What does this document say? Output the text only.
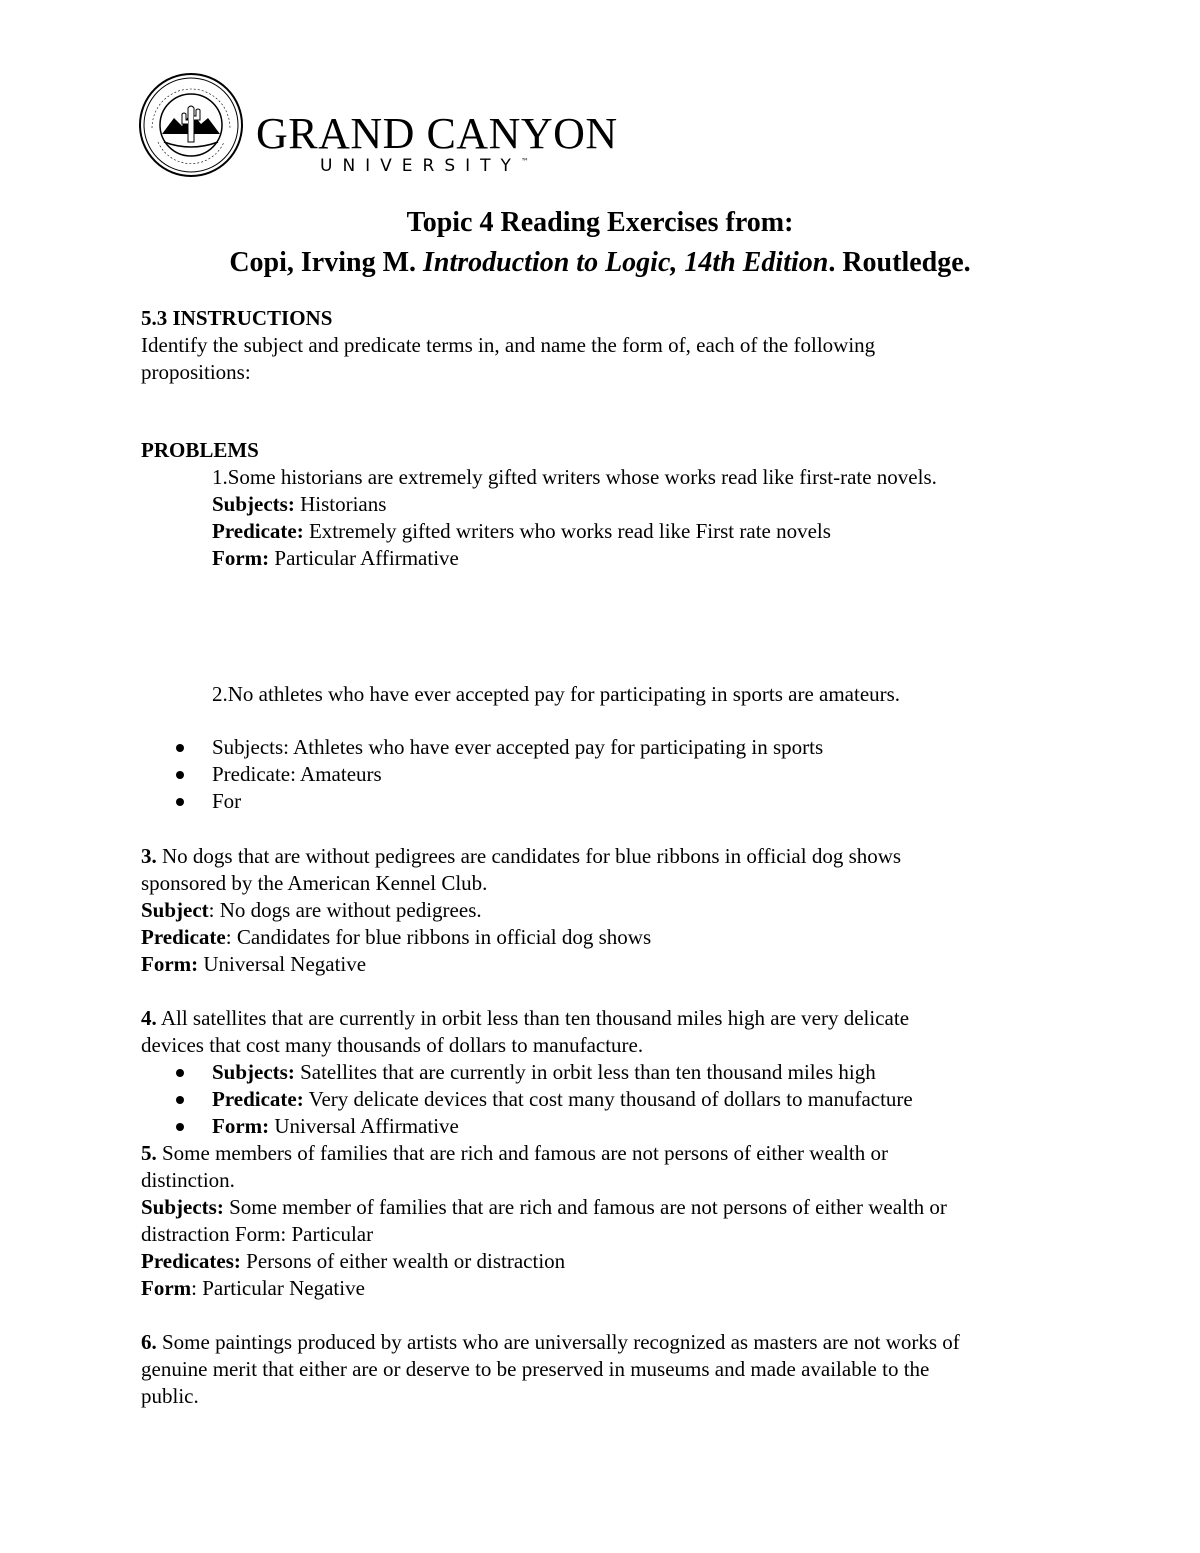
GRAND CANYON
UNIVERSITY™
Topic 4 Reading Exercises from:
Copi, Irving M. Introduction to Logic, 14th Edition. Routledge.
5.3 INSTRUCTIONS
Identify the subject and predicate terms in, and name the form of, each of the following
propositions:
PROBLEMS
1.Some historians are extremely gifted writers whose works read like first-rate novels.
Subjects: Historians
Predicate: Extremely gifted writers who works read like First rate novels
Form: Particular Affirmative
2.No athletes who have ever accepted pay for participating in sports are amateurs.
Subjects: Athletes who have ever accepted pay for participating in sports
Predicate: Amateurs
For
3. No dogs that are without pedigrees are candidates for blue ribbons in official dog shows
sponsored by the American Kennel Club.
Subject: No dogs are without pedigrees.
Predicate: Candidates for blue ribbons in official dog shows
Form: Universal Negative
4. All satellites that are currently in orbit less than ten thousand miles high are very delicate
devices that cost many thousands of dollars to manufacture.
Subjects: Satellites that are currently in orbit less than ten thousand miles high
Predicate: Very delicate devices that cost many thousand of dollars to manufacture
Form: Universal Affirmative
5. Some members of families that are rich and famous are not persons of either wealth or
distinction.
Subjects: Some member of families that are rich and famous are not persons of either wealth or
distraction Form: Particular
Predicates: Persons of either wealth or distraction
Form: Particular Negative
6. Some paintings produced by artists who are universally recognized as masters are not works of
genuine merit that either are or deserve to be preserved in museums and made available to the
public.
